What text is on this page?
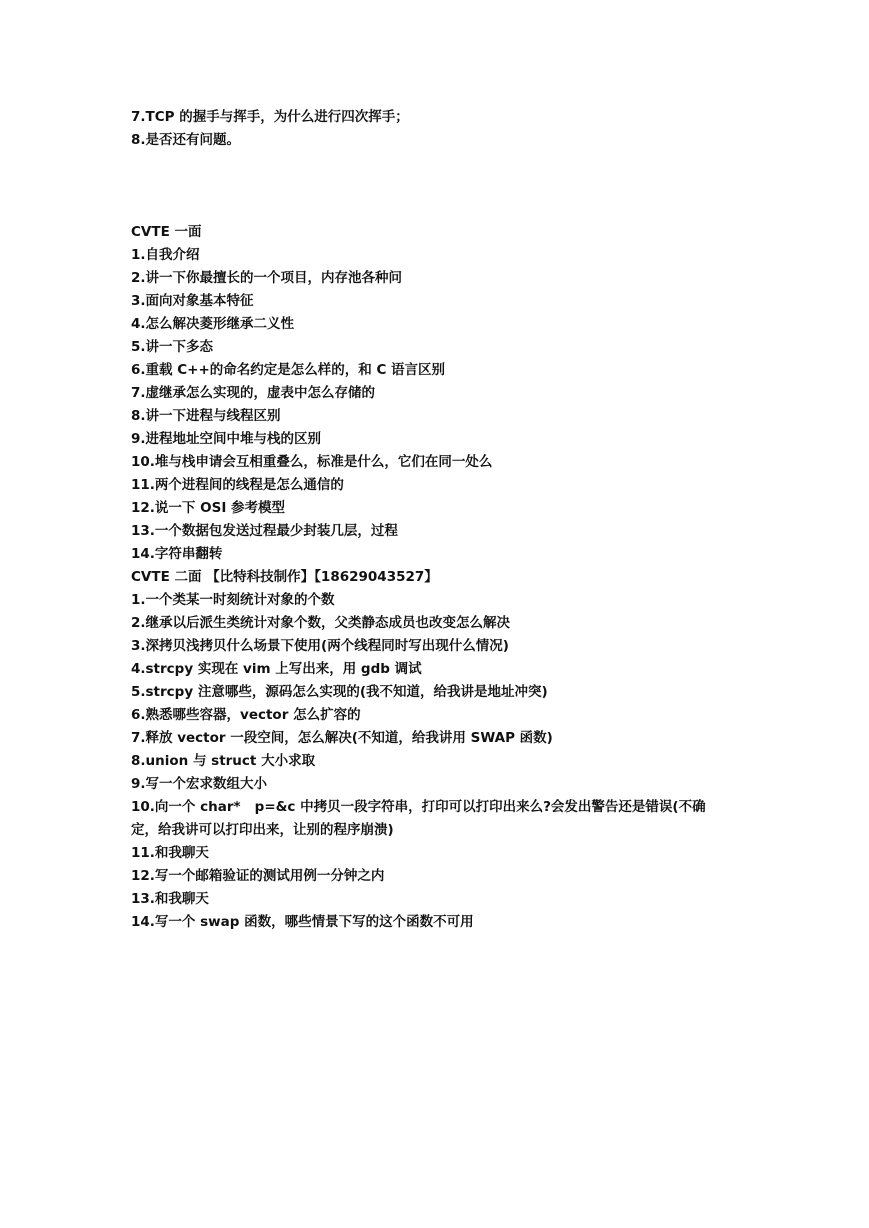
7.TCP 的握手与挥手，为什么进行四次挥手；
8.是否还有问题。
CVTE 一面
1.自我介绍
2.讲一下你最擅长的一个项目，内存池各种问
3.面向对象基本特征
4.怎么解决菱形继承二义性
5.讲一下多态
6.重载 C++的命名约定是怎么样的，和 C 语言区别
7.虚继承怎么实现的，虚表中怎么存储的
8.讲一下进程与线程区别
9.进程地址空间中堆与栈的区别
10.堆与栈申请会互相重叠么，标准是什么，它们在同一处么
11.两个进程间的线程是怎么通信的
12.说一下 OSI 参考模型
13.一个数据包发送过程最少封装几层，过程
14.字符串翻转
CVTE 二面 【比特科技制作】【18629043527】
1.一个类某一时刻统计对象的个数
2.继承以后派生类统计对象个数，父类静态成员也改变怎么解决
3.深拷贝浅拷贝什么场景下使用(两个线程同时写出现什么情况)
4.strcpy 实现在 vim 上写出来，用 gdb 调试
5.strcpy 注意哪些，源码怎么实现的(我不知道，给我讲是地址冲突)
6.熟悉哪些容器，vector 怎么扩容的
7.释放 vector 一段空间，怎么解决(不知道，给我讲用 SWAP 函数)
8.union 与 struct 大小求取
9.写一个宏求数组大小
10.向一个 char*   p=&c 中拷贝一段字符串，打印可以打印出来么?会发出警告还是错误(不确
定，给我讲可以打印出来，让别的程序崩溃)
11.和我聊天
12.写一个邮箱验证的测试用例一分钟之内
13.和我聊天
14.写一个 swap 函数，哪些情景下写的这个函数不可用
